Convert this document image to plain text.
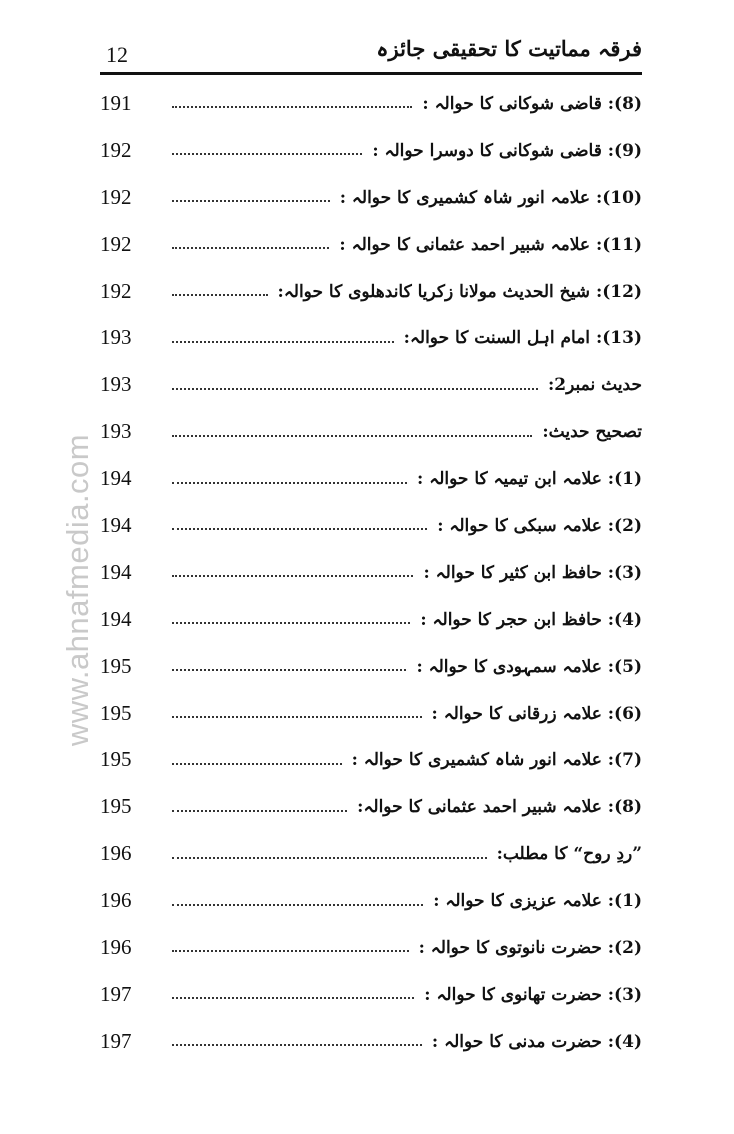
www.ahnafmedia.com
12	فرقہ مماتیت کا تحقیقی جائزہ
(8): قاضی شوکانی کا حوالہ :
191
(9): قاضی شوکانی کا دوسرا حوالہ :
192
(10): علامہ انور شاہ کشمیری کا حوالہ :
192
(11): علامہ شبیر احمد عثمانی کا حوالہ :
192
(12): شیخ الحدیث مولانا زکریا کاندھلوی کا حوالہ:
192
(13): امام اہل السنت کا حوالہ:
193
حدیث نمبر2:
193
تصحیح حدیث:
193
(1): علامہ ابن تیمیہ کا حوالہ :
194
(2): علامہ سبکی کا حوالہ :
194
(3): حافظ ابن کثیر کا حوالہ :
194
(4): حافظ ابن حجر کا حوالہ :
194
(5): علامہ سمہودی کا حوالہ :
195
(6): علامہ زرقانی کا حوالہ :
195
(7): علامہ انور شاہ کشمیری کا حوالہ :
195
(8): علامہ شبیر احمد عثمانی کا حوالہ:
195
”ردِ روح“ کا مطلب:
196
(1): علامہ عزیزی کا حوالہ :
196
(2): حضرت نانوتوی کا حوالہ :
196
(3): حضرت تھانوی کا حوالہ :
197
(4): حضرت مدنی کا حوالہ :
197
